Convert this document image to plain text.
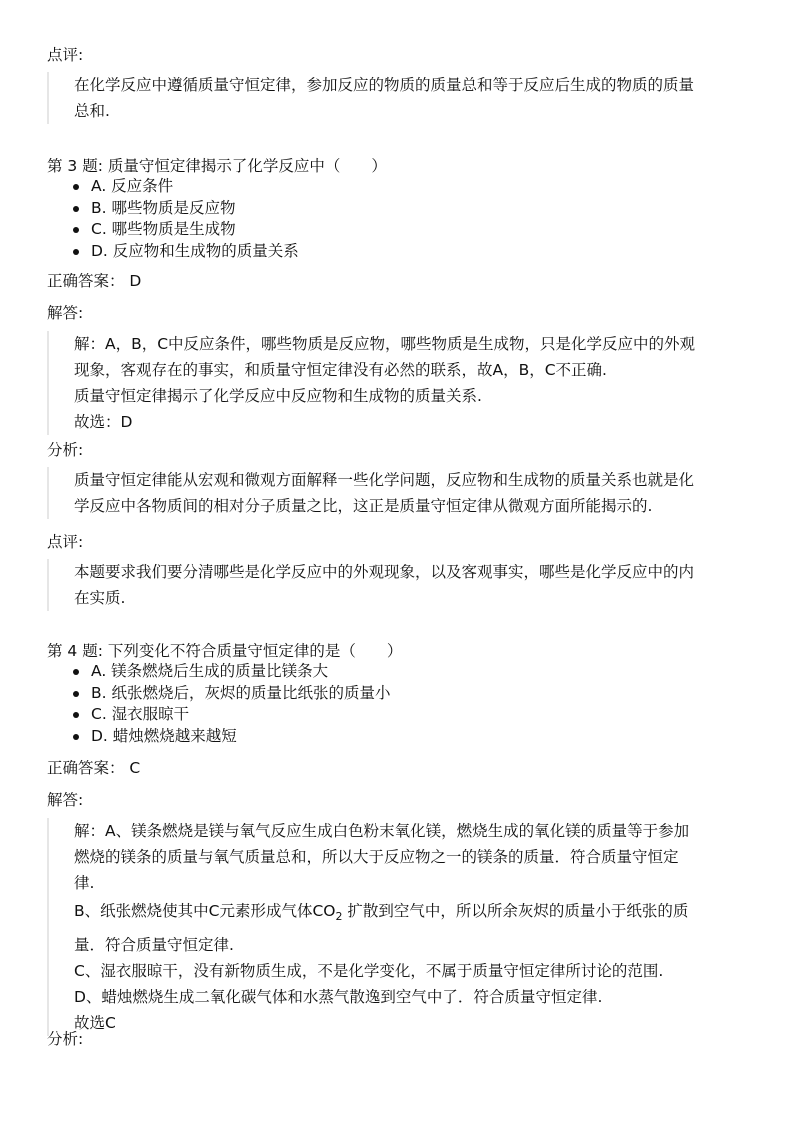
点评:

在化学反应中遵循质量守恒定律，参加反应的物质的质量总和等于反应后生成的物质的质量

总和.

第 3 题: 质量守恒定律揭示了化学反应中（　　）
A. 反应条件
B. 哪些物质是反应物
C. 哪些物质是生成物
D. 反应物和生成物的质量关系
正确答案： D
解答:

解：A，B，C中反应条件，哪些物质是反应物，哪些物质是生成物，只是化学反应中的外观

现象，客观存在的事实，和质量守恒定律没有必然的联系，故A，B，C不正确.

质量守恒定律揭示了化学反应中反应物和生成物的质量关系.

故选：D

分析:

质量守恒定律能从宏观和微观方面解释一些化学问题，反应物和生成物的质量关系也就是化

学反应中各物质间的相对分子质量之比，这正是质量守恒定律从微观方面所能揭示的.

点评:

本题要求我们要分清哪些是化学反应中的外观现象，以及客观事实，哪些是化学反应中的内

在实质.

第 4 题: 下列变化不符合质量守恒定律的是（　　）
A. 镁条燃烧后生成的质量比镁条大
B. 纸张燃烧后，灰烬的质量比纸张的质量小
C. 湿衣服晾干
D. 蜡烛燃烧越来越短
正确答案： C
解答:

解：A、镁条燃烧是镁与氧气反应生成白色粉末氧化镁，燃烧生成的氧化镁的质量等于参加

燃烧的镁条的质量与氧气质量总和，所以大于反应物之一的镁条的质量．符合质量守恒定

律.

B、纸张燃烧使其中C元素形成气体$CO_2$ 扩散到空气中，所以所余灰烬的质量小于纸张的质

量．符合质量守恒定律.

C、湿衣服晾干，没有新物质生成，不是化学变化，不属于质量守恒定律所讨论的范围.

D、蜡烛燃烧生成二氧化碳气体和水蒸气散逸到空气中了．符合质量守恒定律.

故选C

分析:
